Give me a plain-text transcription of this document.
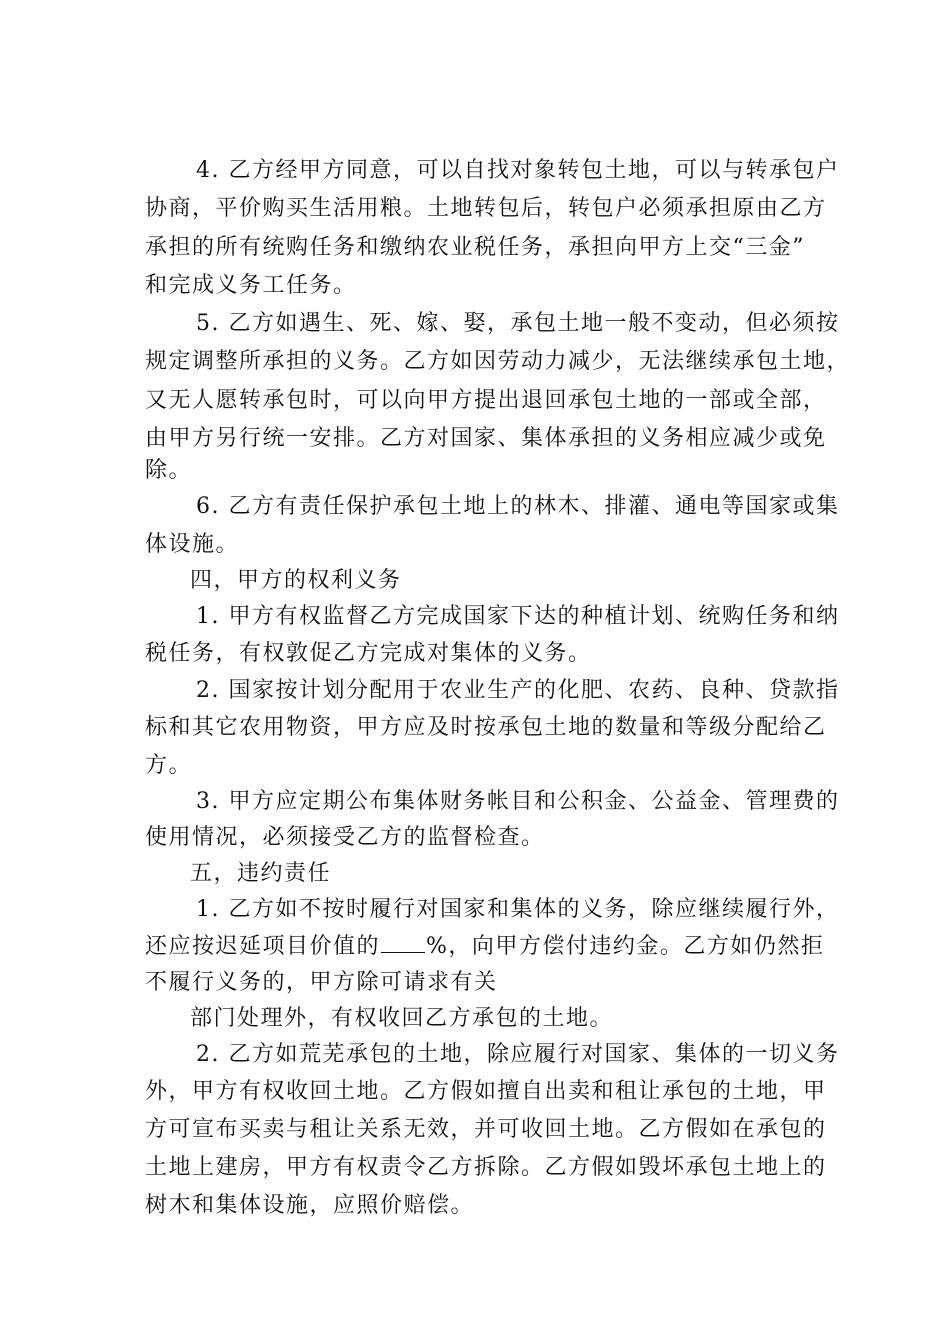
4. 乙方经甲方同意，可以自找对象转包土地，可以与转承包户
协商，平价购买生活用粮。土地转包后，转包户必须承担原由乙方
承担的所有统购任务和缴纳农业税任务，承担向甲方上交“三金”
和完成义务工任务。
5. 乙方如遇生、死、嫁、娶，承包土地一般不变动，但必须按
规定调整所承担的义务。乙方如因劳动力减少，无法继续承包土地，
又无人愿转承包时，可以向甲方提出退回承包土地的一部或全部，
由甲方另行统一安排。乙方对国家、集体承担的义务相应减少或免
除。
6. 乙方有责任保护承包土地上的林木、排灌、通电等国家或集
体设施。
四，甲方的权利义务
1. 甲方有权监督乙方完成国家下达的种植计划、统购任务和纳
税任务，有权敦促乙方完成对集体的义务。
2. 国家按计划分配用于农业生产的化肥、农药、良种、贷款指
标和其它农用物资，甲方应及时按承包土地的数量和等级分配给乙
方。
3. 甲方应定期公布集体财务帐目和公积金、公益金、管理费的
使用情况，必须接受乙方的监督检查。
五，违约责任
1. 乙方如不按时履行对国家和集体的义务，除应继续履行外，
还应按迟延项目价值的 %，向甲方偿付违约金。乙方如仍然拒
不履行义务的，甲方除可请求有关
部门处理外，有权收回乙方承包的土地。
2. 乙方如荒芜承包的土地，除应履行对国家、集体的一切义务
外，甲方有权收回土地。乙方假如擅自出卖和租让承包的土地，甲
方可宣布买卖与租让关系无效，并可收回土地。乙方假如在承包的
土地上建房，甲方有权责令乙方拆除。乙方假如毁坏承包土地上的
树木和集体设施，应照价赔偿。
